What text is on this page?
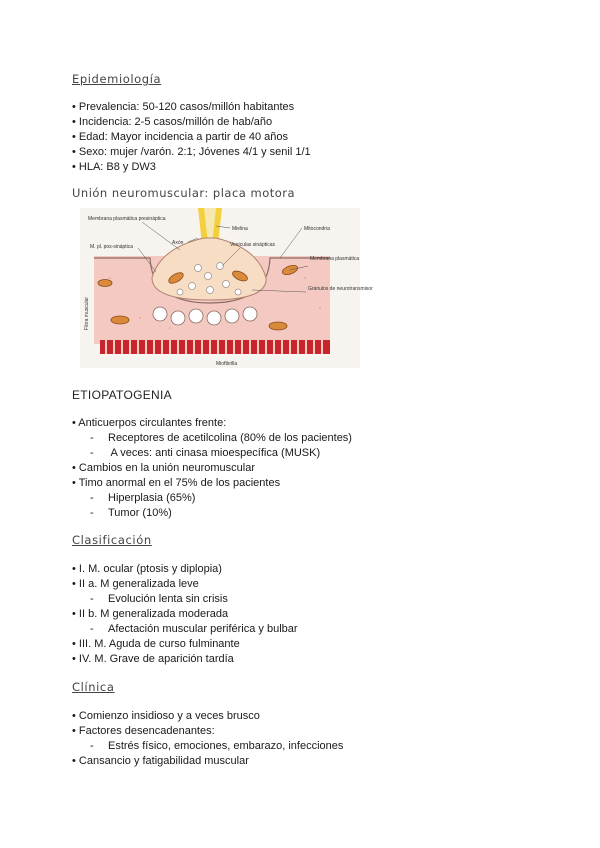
Epidemiología
• Prevalencia: 50-120 casos/millón habitantes
• Incidencia: 2-5 casos/millón de hab/año
• Edad: Mayor incidencia a partir de 40 años
• Sexo: mujer /varón. 2:1; Jóvenes 4/1 y senil 1/1
• HLA: B8 y DW3
Unión neuromuscular: placa motora
Membrana plasmática presináptica
M. pl. pos-sináptica
Axón
Mielina
Vesículas sinápticas
Mitocondria
Membrana plasmática
Gránulos de neurotransmisor
Miofibrilla
Fibra muscular
ETIOPATOGENIA
• Anticuerpos circulantes frente:
- Receptores de acetilcolina (80% de los pacientes)
- A veces: anti cinasa mioespecífica (MUSK)
• Cambios en la unión neuromuscular
• Timo anormal en el 75% de los pacientes
- Hiperplasia (65%)
- Tumor (10%)
Clasificación
• I. M. ocular (ptosis y diplopia)
• II a. M generalizada leve
- Evolución lenta sin crisis
• II b. M generalizada moderada
- Afectación muscular periférica y bulbar
• III. M. Aguda de curso fulminante
• IV. M. Grave de aparición tardía
Clínica
• Comienzo insidioso y a veces brusco
• Factores desencadenantes:
- Estrés físico, emociones, embarazo, infecciones
• Cansancio y fatigabilidad muscular
